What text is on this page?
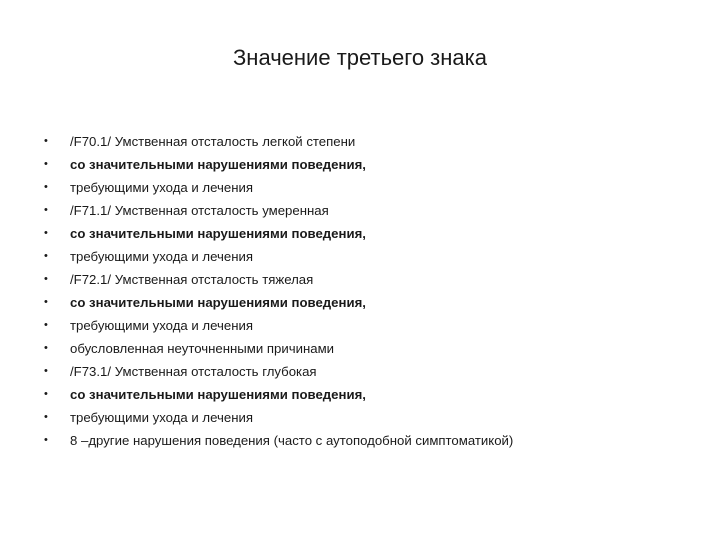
Значение третьего знака
•	/F70.1/ Умственная отсталость легкой степени
•	со значительными нарушениями поведения,
•	требующими ухода и лечения
•	/F71.1/ Умственная отсталость умеренная
•	со значительными нарушениями поведения,
•	требующими ухода и лечения
•	/F72.1/ Умственная отсталость тяжелая
•	со значительными нарушениями поведения,
•	требующими ухода и лечения
•	обусловленная неуточненными причинами
•	/F73.1/ Умственная отсталость глубокая
•	со значительными нарушениями поведения,
•	требующими ухода и лечения
•	8 –другие нарушения поведения (часто с аутоподобной симптоматикой)
